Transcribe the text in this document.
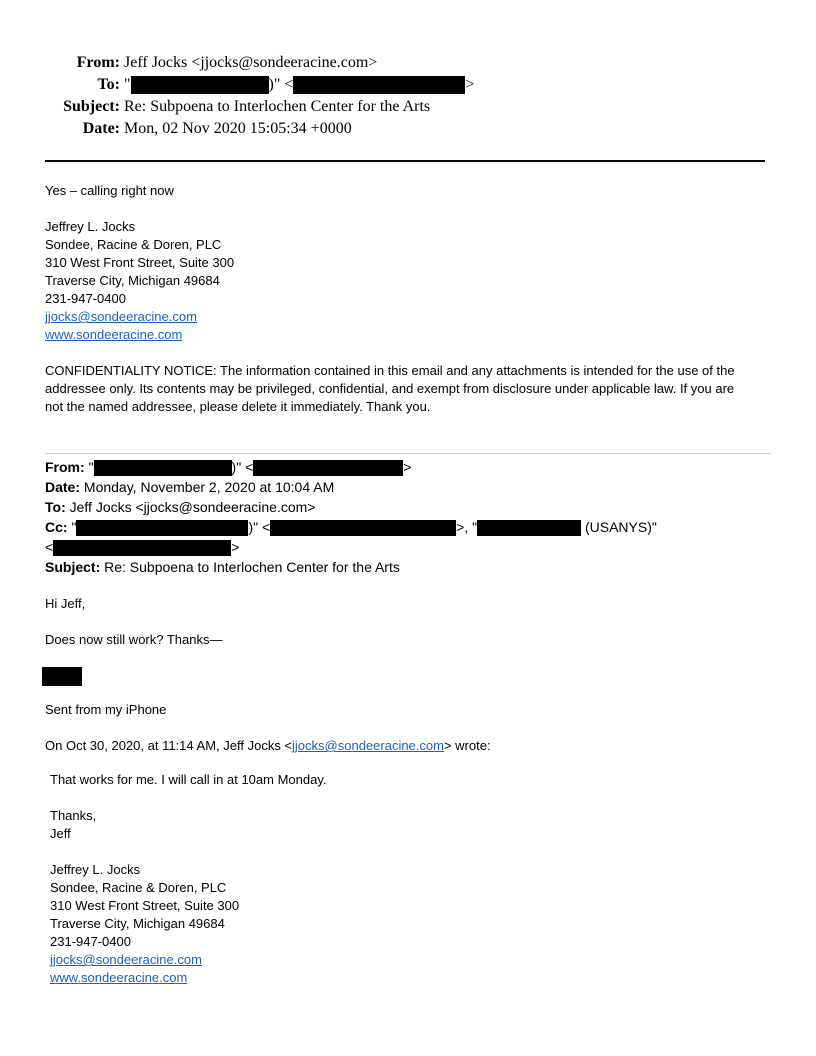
From: Jeff Jocks <jjocks@sondeeracine.com>
To: "	)" <	>
Subject: Re: Subpoena to Interlochen Center for the Arts
Date: Mon, 02 Nov 2020 15:05:34 +0000
Yes – calling right now
Jeffrey L. Jocks
Sondee, Racine & Doren, PLC
310 West Front Street, Suite 300
Traverse City, Michigan 49684
231-947-0400
jjocks@sondeeracine.com
www.sondeeracine.com
CONFIDENTIALITY NOTICE: The information contained in this email and any attachments is intended for the use of the
addressee only. Its contents may be privileged, confidential, and exempt from disclosure under applicable law. If you are
not the named addressee, please delete it immediately. Thank you.
From: "	)" <	>
Date: Monday, November 2, 2020 at 10:04 AM
To: Jeff Jocks <jjocks@sondeeracine.com>
Cc: "	)" <	>, "	(USANYS)"
<	>
Subject: Re: Subpoena to Interlochen Center for the Arts
Hi Jeff,
Does now still work? Thanks—
Sent from my iPhone
On Oct 30, 2020, at 11:14 AM, Jeff Jocks <jjocks@sondeeracine.com> wrote:
That works for me. I will call in at 10am Monday.
Thanks,
Jeff
Jeffrey L. Jocks
Sondee, Racine & Doren, PLC
310 West Front Street, Suite 300
Traverse City, Michigan 49684
231-947-0400
jjocks@sondeeracine.com
www.sondeeracine.com
